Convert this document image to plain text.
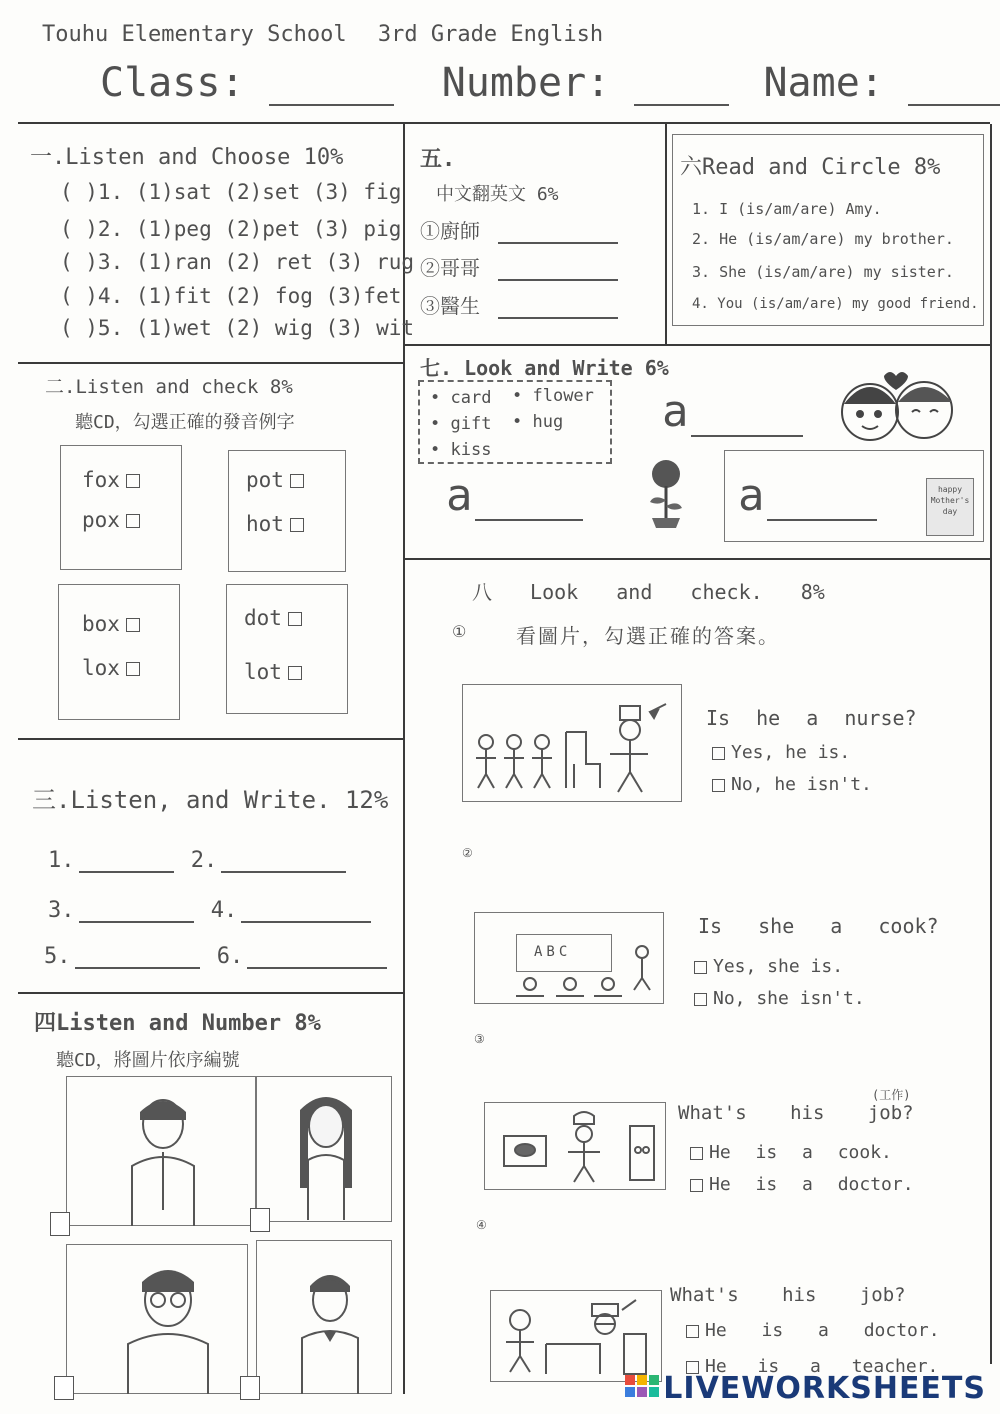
Touhu Elementary School 3rd Grade English
Class:	Number:	Name:
一.Listen and Choose 10%
( )1. (1)sat (2)set (3) fig
( )2. (1)peg (2)pet (3) pig
( )3. (1)ran (2) ret (3) rug
( )4. (1)fit (2) fog (3)fet
( )5. (1)wet (2) wig (3) wit
五.
中文翻英文 6%
①廚師
②哥哥
③醫生
六Read and Circle 8%
1. I (is/am/are) Amy.
2. He (is/am/are) my brother.
3. She (is/am/are) my sister.
4. You (is/am/are) my good friend.
二.Listen and check 8%
聽CD，勾選正確的發音例字
fox
pox
pot
hot
box
lox
dot
lot
七. Look and Write 6%
• card • flower
• gift • hug
• kiss
a
a	a	happy Mother's day
三.Listen, and Write. 12%
1.	2.
3.	4.
5.	6.
四Listen and Number 8%
聽CD，將圖片依序編號
八 Look and check. 8%
① 看圖片，勾選正確的答案。
Is he a nurse?
Yes, he is.
No, he isn't.
②
ABC
Is she a cook?
Yes, she is.
No, she isn't.
③
(工作)
What's his job?
He is a cook.
He is a doctor.
④
What's his job?
He is a doctor.
He is a teacher.
LIVEWORKSHEETS
